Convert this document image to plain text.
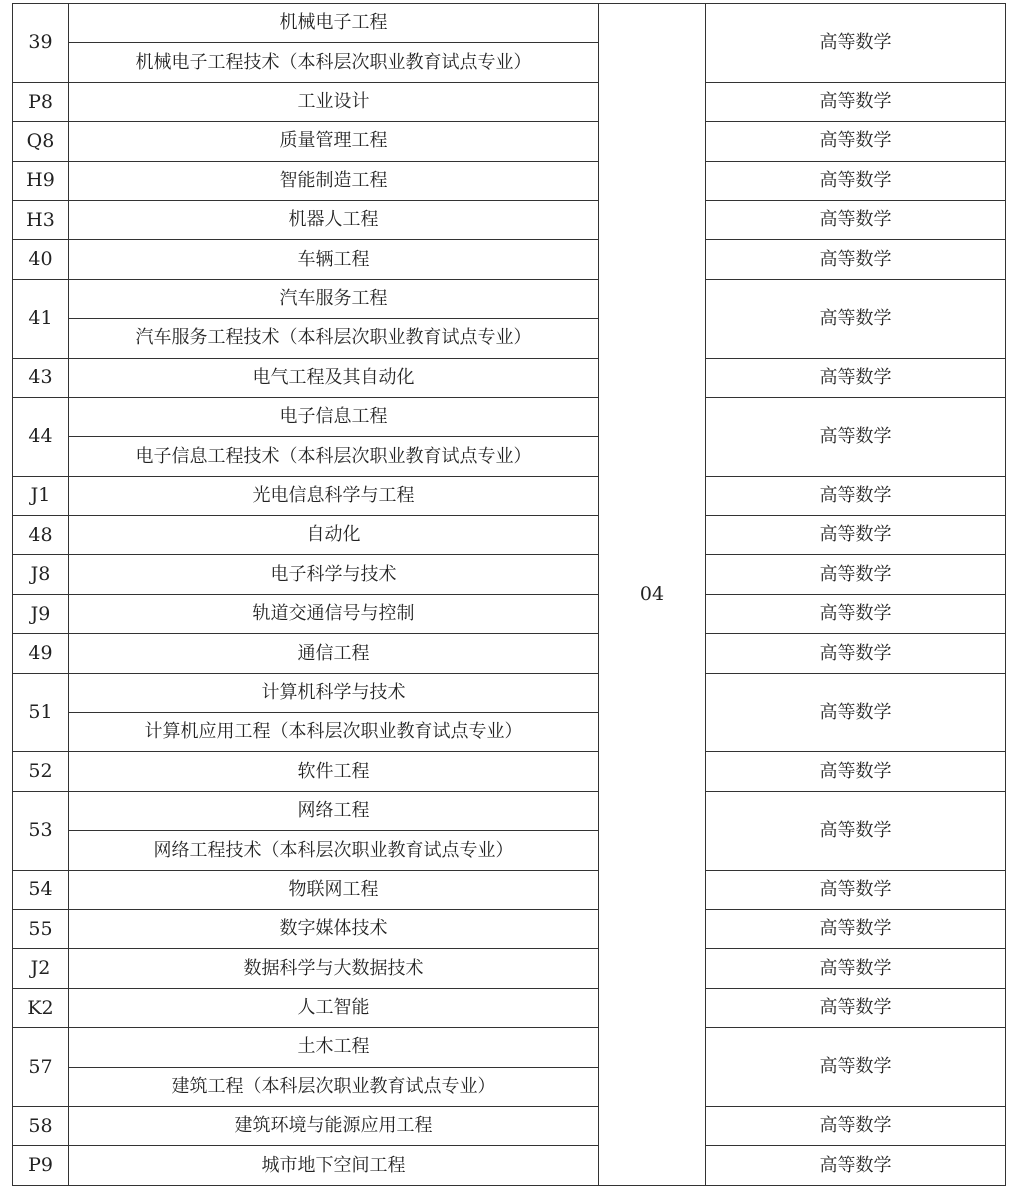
39	机械电子工程	04	高等数学
	机械电子工程技术（本科层次职业教育试点专业）		
P8	工业设计		高等数学
Q8	质量管理工程		高等数学
H9	智能制造工程		高等数学
H3	机器人工程		高等数学
40	车辆工程		高等数学
41	汽车服务工程		高等数学
	汽车服务工程技术（本科层次职业教育试点专业）		
43	电气工程及其自动化		高等数学
44	电子信息工程		高等数学
	电子信息工程技术（本科层次职业教育试点专业）		
J1	光电信息科学与工程		高等数学
48	自动化		高等数学
J8	电子科学与技术		高等数学
J9	轨道交通信号与控制		高等数学
49	通信工程		高等数学
51	计算机科学与技术		高等数学
	计算机应用工程（本科层次职业教育试点专业）		
52	软件工程		高等数学
53	网络工程		高等数学
	网络工程技术（本科层次职业教育试点专业）		
54	物联网工程		高等数学
55	数字媒体技术		高等数学
J2	数据科学与大数据技术		高等数学
K2	人工智能		高等数学
57	土木工程		高等数学
	建筑工程（本科层次职业教育试点专业）		
58	建筑环境与能源应用工程		高等数学
P9	城市地下空间工程		高等数学
